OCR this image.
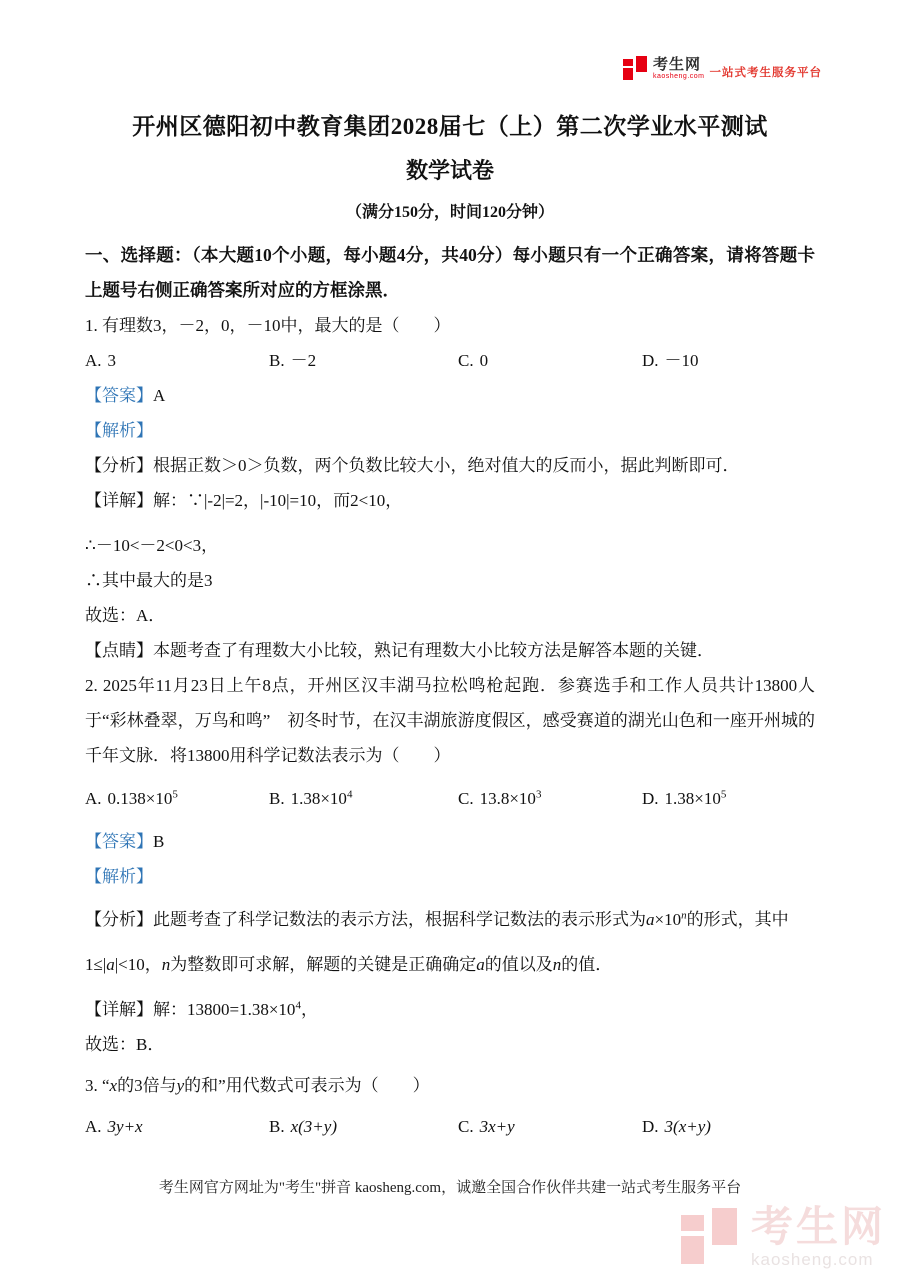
考生网
kaosheng.com 一站式考生服务平台
开州区德阳初中教育集团2028届七（上）第二次学业水平测试
数学试卷
（满分150分，时间120分钟）

一、选择题：（本大题10个小题，每小题4分，共40分）每小题只有一个正确答案，请将答题卡上题号右侧正确答案所对应的方框涂黑．

1. 有理数3，－2，0，－10中，最大的是（　　）

A. 3	B. －2	C. 0	D. －10

【答案】A

【解析】

【分析】根据正数＞0＞负数，两个负数比较大小，绝对值大的反而小，据此判断即可．

【详解】解：∵|-2|=2，|-10|=10，而2<10，

∴－10<－2<0<3，

∴其中最大的是3

故选：A．

【点睛】本题考查了有理数大小比较，熟记有理数大小比较方法是解答本题的关键．

2. 2025年11月23日上午8点，开州区汉丰湖马拉松鸣枪起跑．参赛选手和工作人员共计13800人于“彩林叠翠，万鸟和鸣”　初冬时节，在汉丰湖旅游度假区，感受赛道的湖光山色和一座开州城的千年文脉．将13800用科学记数法表示为（　　）

A. $0.138\times 10^5$	B. $1.38\times 10^4$	C. $13.8\times 10^3$	D. $1.38\times 10^5$

【答案】B

【解析】

【分析】此题考查了科学记数法的表示方法，根据科学记数法的表示形式为$a\times 10^n$的形式，其中

1≤|a|<10，n为整数即可求解，解题的关键是正确确定a的值以及n的值．

【详解】解：$13800=1.38\times 10^4$，

故选：B．

3. “x的3倍与y的和”用代数式可表示为（　　）

A. 3y+x	B. x(3+y)	C. 3x+y	D. 3(x+y)
考生网官方网址为"考生"拼音 kaosheng.com，诚邀全国合作伙伴共建一站式考生服务平台
考生网
kaosheng.com
